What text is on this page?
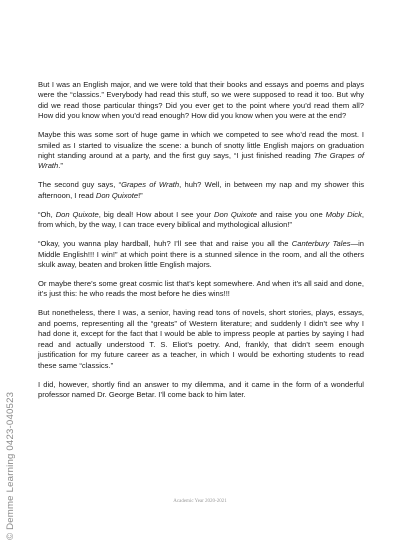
But I was an English major, and we were told that their books and essays and poems and plays were the “classics.” Everybody had read this stuff, so we were supposed to read it too. But why did we read those particular things? Did you ever get to the point where you’d read them all? How did you know when you’d read enough? How did you know when you were at the end?

Maybe this was some sort of huge game in which we competed to see who’d read the most. I smiled as I started to visualize the scene: a bunch of snotty little English majors on graduation night standing around at a party, and the first guy says, “I just finished reading The Grapes of Wrath.”

The second guy says, “Grapes of Wrath, huh? Well, in between my nap and my shower this afternoon, I read Don Quixote!”

“Oh, Don Quixote, big deal! How about I see your Don Quixote and raise you one Moby Dick, from which, by the way, I can trace every biblical and mythological allusion!”

“Okay, you wanna play hardball, huh? I’ll see that and raise you all the Canterbury Tales—in Middle English!!! I win!” at which point there is a stunned silence in the room, and all the others skulk away, beaten and broken little English majors.

Or maybe there’s some great cosmic list that’s kept somewhere. And when it’s all said and done, it’s just this: he who reads the most before he dies wins!!!

But nonetheless, there I was, a senior, having read tons of novels, short stories, plays, essays, and poems, representing all the “greats” of Western literature; and suddenly I didn’t see why I had done it, except for the fact that I would be able to impress people at parties by saying I had read and actually understood T. S. Eliot’s poetry. And, frankly, that didn’t seem enough justification for my future career as a teacher, in which I would be exhorting students to read these same “classics.”

I did, however, shortly find an answer to my dilemma, and it came in the form of a wonderful professor named Dr. George Betar. I’ll come back to him later.

© Demme Learning 0423-040523	Academic Year 2020-2021
